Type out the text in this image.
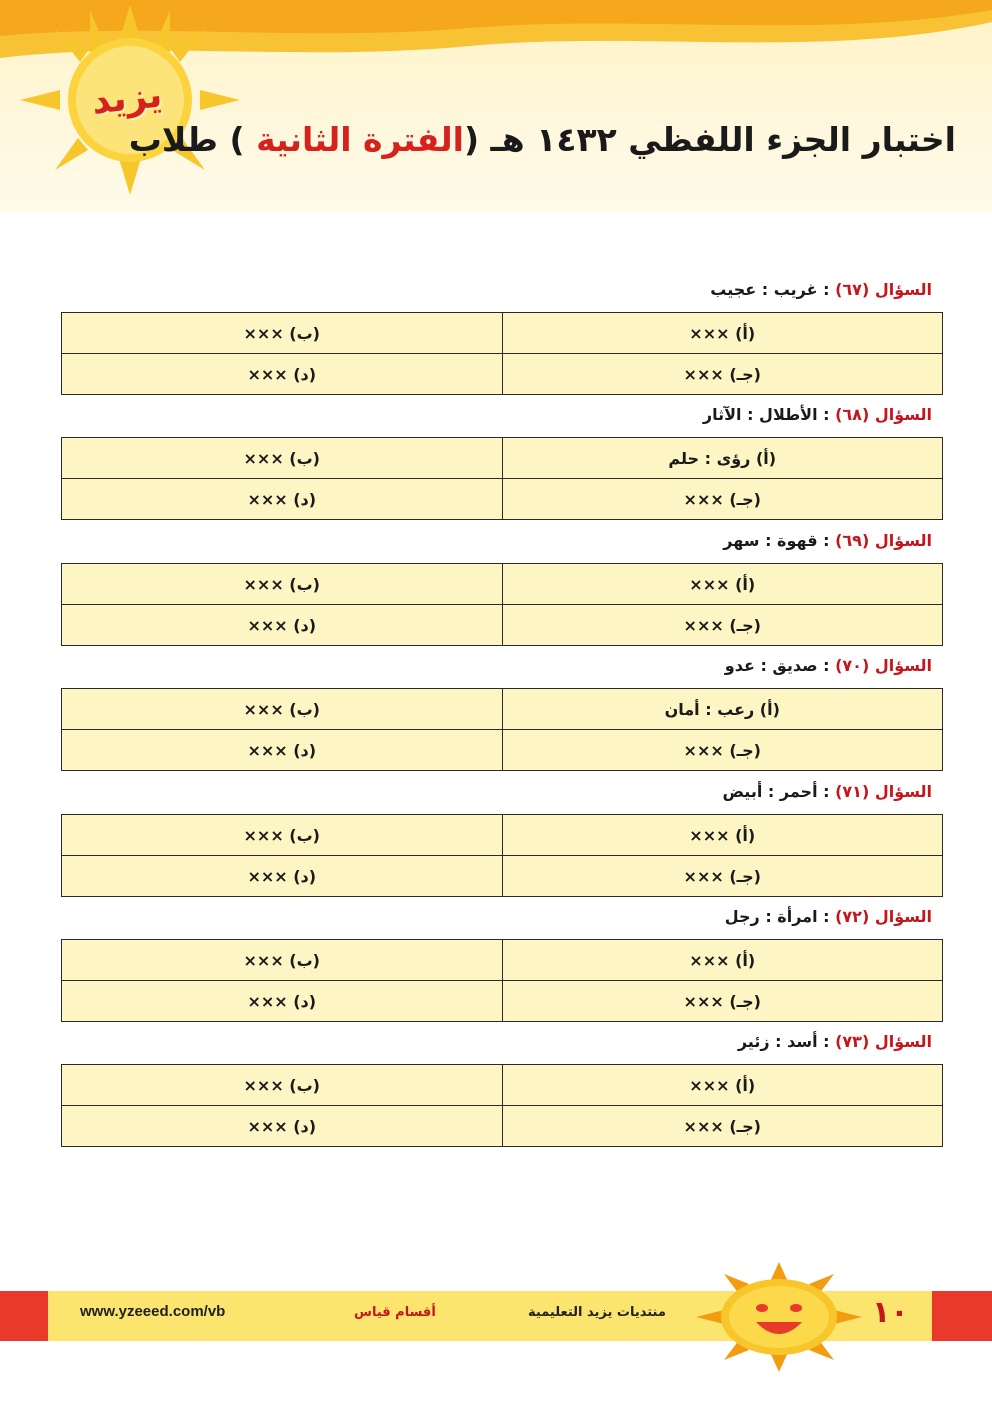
يزيد
اختبار الجزء اللفظي ١٤٣٢ هـ (الفترة الثانية ) طلاب
السؤال (٦٧) : غريب : عجيب
(أ) ×××	(ب) ×××
(جـ) ×××	(د) ×××
السؤال (٦٨) : الأطلال : الآثار
(أ) رؤى : حلم	(ب) ×××
(جـ) ×××	(د) ×××
السؤال (٦٩) : قهوة : سهر
(أ) ×××	(ب) ×××
(جـ) ×××	(د) ×××
السؤال (٧٠) : صديق : عدو
(أ) رعب : أمان	(ب) ×××
(جـ) ×××	(د) ×××
السؤال (٧١) : أحمر : أبيض
(أ) ×××	(ب) ×××
(جـ) ×××	(د) ×××
السؤال (٧٢) : امرأة : رجل
(أ) ×××	(ب) ×××
(جـ) ×××	(د) ×××
السؤال (٧٣) : أسد : زئير
(أ) ×××	(ب) ×××
(جـ) ×××	(د) ×××
www.yzeeed.com/vb	أقسام قياس	منتديات يزيد التعليمية	١٠
